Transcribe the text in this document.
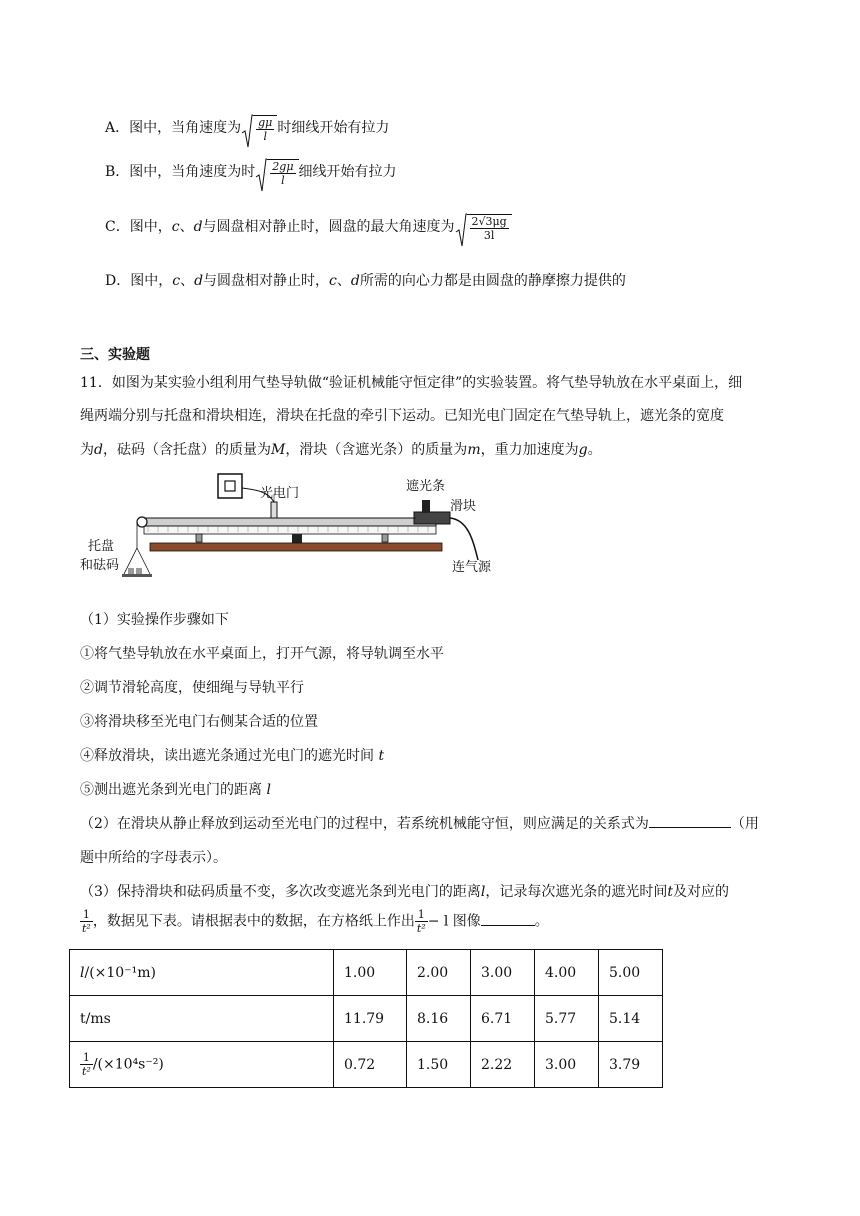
A．图中，当角速度为 $\frac{g\mu}{l}$ 时细线开始有拉力
B．图中，当角速度为时 $\frac{2g\mu}{l}$ 细线开始有拉力
C．图中，c、d与圆盘相对静止时，圆盘的最大角速度为 $\frac{2√3\mu g}{3l}$
D．图中，c、d与圆盘相对静止时，c、d所需的向心力都是由圆盘的静摩擦力提供的
三、实验题
11．如图为某实验小组利用气垫导轨做“验证机械能守恒定律”的实验装置。将气垫导轨放在水平桌面上，细
绳两端分别与托盘和滑块相连，滑块在托盘的牵引下运动。已知光电门固定在气垫导轨上，遮光条的宽度
为d，砝码（含托盘）的质量为M，滑块（含遮光条）的质量为m，重力加速度为g。
光电门	遮光条
滑块
托盘
和砝码	连气源
（1）实验操作步骤如下
①将气垫导轨放在水平桌面上，打开气源，将导轨调至水平
②调节滑轮高度，使细绳与导轨平行
③将滑块移至光电门右侧某合适的位置
④释放滑块，读出遮光条通过光电门的遮光时间 t
⑤测出遮光条到光电门的距离 l
（2）在滑块从静止释放到运动至光电门的过程中，若系统机械能守恒，则应满足的关系式为	（用
题中所给的字母表示）。
（3）保持滑块和砝码质量不变，多次改变遮光条到光电门的距离l，记录每次遮光条的遮光时间t及对应的
$\frac{1}{\text{t²}}$ ，数据见下表。请根据表中的数据，在方格纸上作出 $\frac{1}{\text{t²}} - l$ 图像	。
l/(×10⁻¹m)	1.00	2.00	3.00	4.00	5.00
t/ms	11.79	8.16	6.71	5.77	5.14

$\frac{1}{\text{t²}} /(\times 10^4s^{-2})$	0.72	1.50	2.22	3.00	3.79
